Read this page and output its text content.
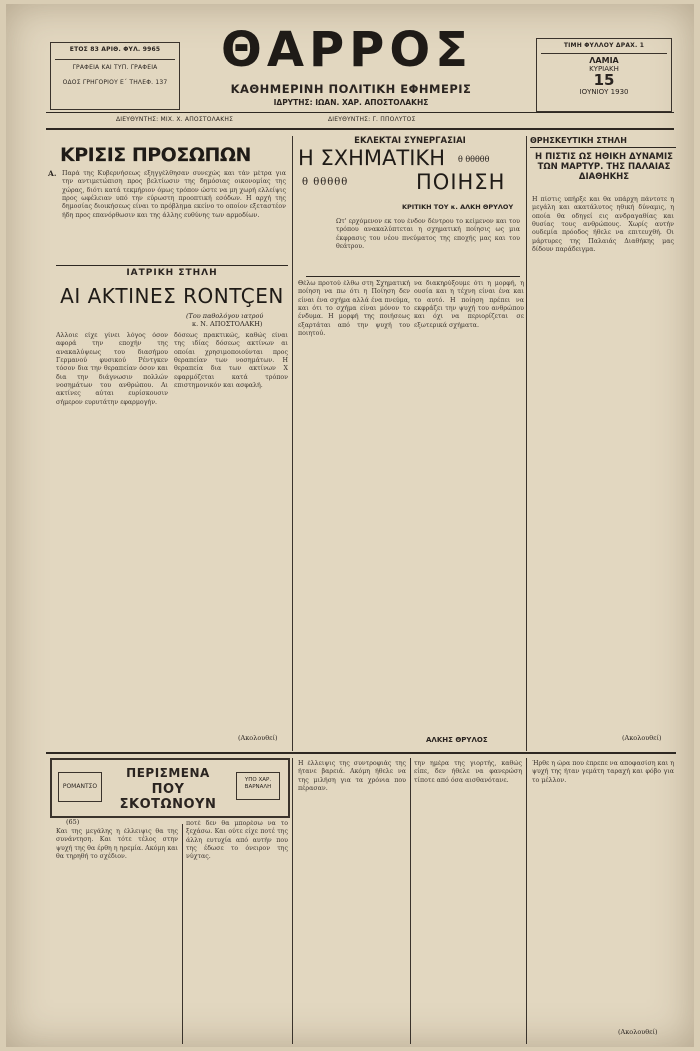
ΕΤΟΣ 83 ΑΡΙΘ. ΦΥΛ. 9965
ΓΡΑΦΕΙΑ ΚΑΙ ΤΥΠ. ΓΡΑΦΕΙΑ
ΟΔΟΣ ΓΡΗΓΟΡΙΟΥ Ε΄ ΤΗΛΕΦ. 137
ΘΑΡΡΟΣ
ΚΑΘΗΜΕΡΙΝΗ ΠΟΛΙΤΙΚΗ ΕΦΗΜΕΡΙΣ
ΙΔΡΥΤΗΣ: ΙΩΑΝ. ΧΑΡ. ΑΠΟΣΤΟΛΑΚΗΣ
ΤΙΜΗ ΦΥΛΛΟΥ ΔΡΑΧ. 1
ΛΑΜΙΑ
ΚΥΡΙΑΚΗ
15
ΙΟΥΝΙΟΥ 1930
ΔΙΕΥΘΥΝΤΗΣ: ΜΙΧ. Χ. ΑΠΟΣΤΟΛΑΚΗΣ	ΔΙΕΥΘΥΝΤΗΣ: Γ. ΠΠΟΛΥΤΟΣ
ΚΡΙΣΙΣ ΠΡΟΣΩΠΩΝ
Α. Παρά της Κυβερνήσεως εξηγγέλθησαν συνεχώς και τάν μέτρα για την αντιμετώπιση προς βελτίωσιν της δημόσιας οικονομίας της χώρας, διότι κατά τεκμήριον όμως τρόπον ώστε να μη χωρή ελλείψις προς ωφέλειαν υπό την εύρωστη προοπτική εσόδων. Η αρχή της δημοσίας διοικήσεως είναι το πρόβλημα εκείνο το οποίον εξεταστέον ήδη προς επανόρθωσιν και της άλλης ευθύνης των αρμοδίων.
ΙΑΤΡΙΚΗ ΣΤΗΛΗ
ΑΙ ΑΚΤΙΝΕΣ RONTÇEN
(Του παθολόγου ιατρού
κ. Ν. ΑΠΟΣΤΟΛΑΚΗ)
Αλλοιε είχε γίνει λόγος όσον αφορά την εποχήν της ανακαλύψεως του διασήμου Γερμανού φυσικού Ρέντγκεν τόσον δια την θεραπείαν όσον και δια την διάγνωσιν πολλών νοσημάτων του ανθρώπου. Αι ακτίνες αύται ευρίσκουσιν σήμερον ευρυτάτην εφαρμογήν.
δόσεως πρακτικώς, καθώς είναι της ιδίας δόσεως ακτίνων αι οποίαι χρησιμοποιούνται προς θεραπείαν των νοσημάτων. Η θεραπεία δια των ακτίνων Χ εφαρμόζεται κατά τρόπον επιστημονικόν και ασφαλή.
(Ακολουθεί)
ΕΚΛΕΚΤΑΙ ΣΥΝΕΡΓΑΣΙΑΙ
Η ΣΧΗΜΑΤΙΚΗ	θ θθθθθ
θ θθθθθ	ΠΟΙΗΣΗ
ΚΡΙΤΙΚΗ ΤΟΥ κ. ΑΛΚΗ ΘΡΥΛΟΥ
Ωτ' ερχόμενον εκ του ένδον δέντρου το κείμενον και του τρόπου ανακαλύπτεται η σχηματική ποίησις ως μια έκφρασις του νέου πνεύματος της εποχής μας και του θεάτρου.
Θέλω προτού έλθω στη Σχηματική ποίηση να πω ότι η Ποίηση δεν είναι ένα σχήμα αλλά ένα πνεύμα, και ότι το σχήμα είναι μόνον το ένδυμα. Η μορφή της ποιήσεως εξαρτάται από την ψυχή του ποιητού.
να διακηρύξουμε ότι η μορφή, η ουσία και η τέχνη είναι ένα και το αυτό. Η ποίηση πρέπει να εκφράζει την ψυχή του ανθρώπου και όχι να περιορίζεται σε εξωτερικά σχήματα.
ΑΛΚΗΣ ΘΡΥΛΟΣ
ΘΡΗΣΚΕΥΤΙΚΗ ΣΤΗΛΗ
Η ΠΙΣΤΙΣ ΩΣ ΗΘΙΚΗ ΔΥΝΑΜΙΣ ΤΩΝ ΜΑΡΤΥΡ. ΤΗΣ ΠΑΛΑΙΑΣ ΔΙΑΘΗΚΗΣ
Η πίστις υπήρξε και θα υπάρχη πάντοτε η μεγάλη και ακατάλυτος ηθική δύναμις, η οποία θα οδηγεί εις ανδραγαθίας και θυσίας τους ανθρώπους. Χωρίς αυτήν ουδεμία πρόοδος ήθελε να επιτευχθή. Οι μάρτυρες της Παλαιάς Διαθήκης μας δίδουν παράδειγμα.
(Ακολουθεί)
ΡΟΜΑΝΤΣΟ
ΠΕΡΙΣΜΕΝΑ
ΠΟΥ ΣΚΟΤΩΝΟΥΝ
ΥΠΟ ΧΑΡ. ΒΑΡΝΑΛΗ
(65)
Και της μεγάλης η έλλειψις θα της συνάντηση. Και τότε τέλος στην ψυχή της θα έρθη η ηρεμία. Ακόμη και θα τηρηθή το σχέδιον.
ποτέ δεν θα μπορέσω να το ξεχάσω. Και ούτε είχε ποτέ της άλλη ευτυχία από αυτήν που της έδωσε το όνειρον της νύχτας.
Η έλλειψις της συντροφιάς της ήτανε βαρειά. Ακόμη ήθελε να της μιλήση για τα χρόνια που πέρασαν.
την ημέρα της γιορτής, καθώς είπε, δεν ήθελε να φανερώση τίποτε από όσα αισθανότανε.
Ήρθε η ώρα που έπρεπε να αποφασίση και η ψυχή της ήταν γεμάτη ταραχή και φόβο για το μέλλον.
(Ακολουθεί)
